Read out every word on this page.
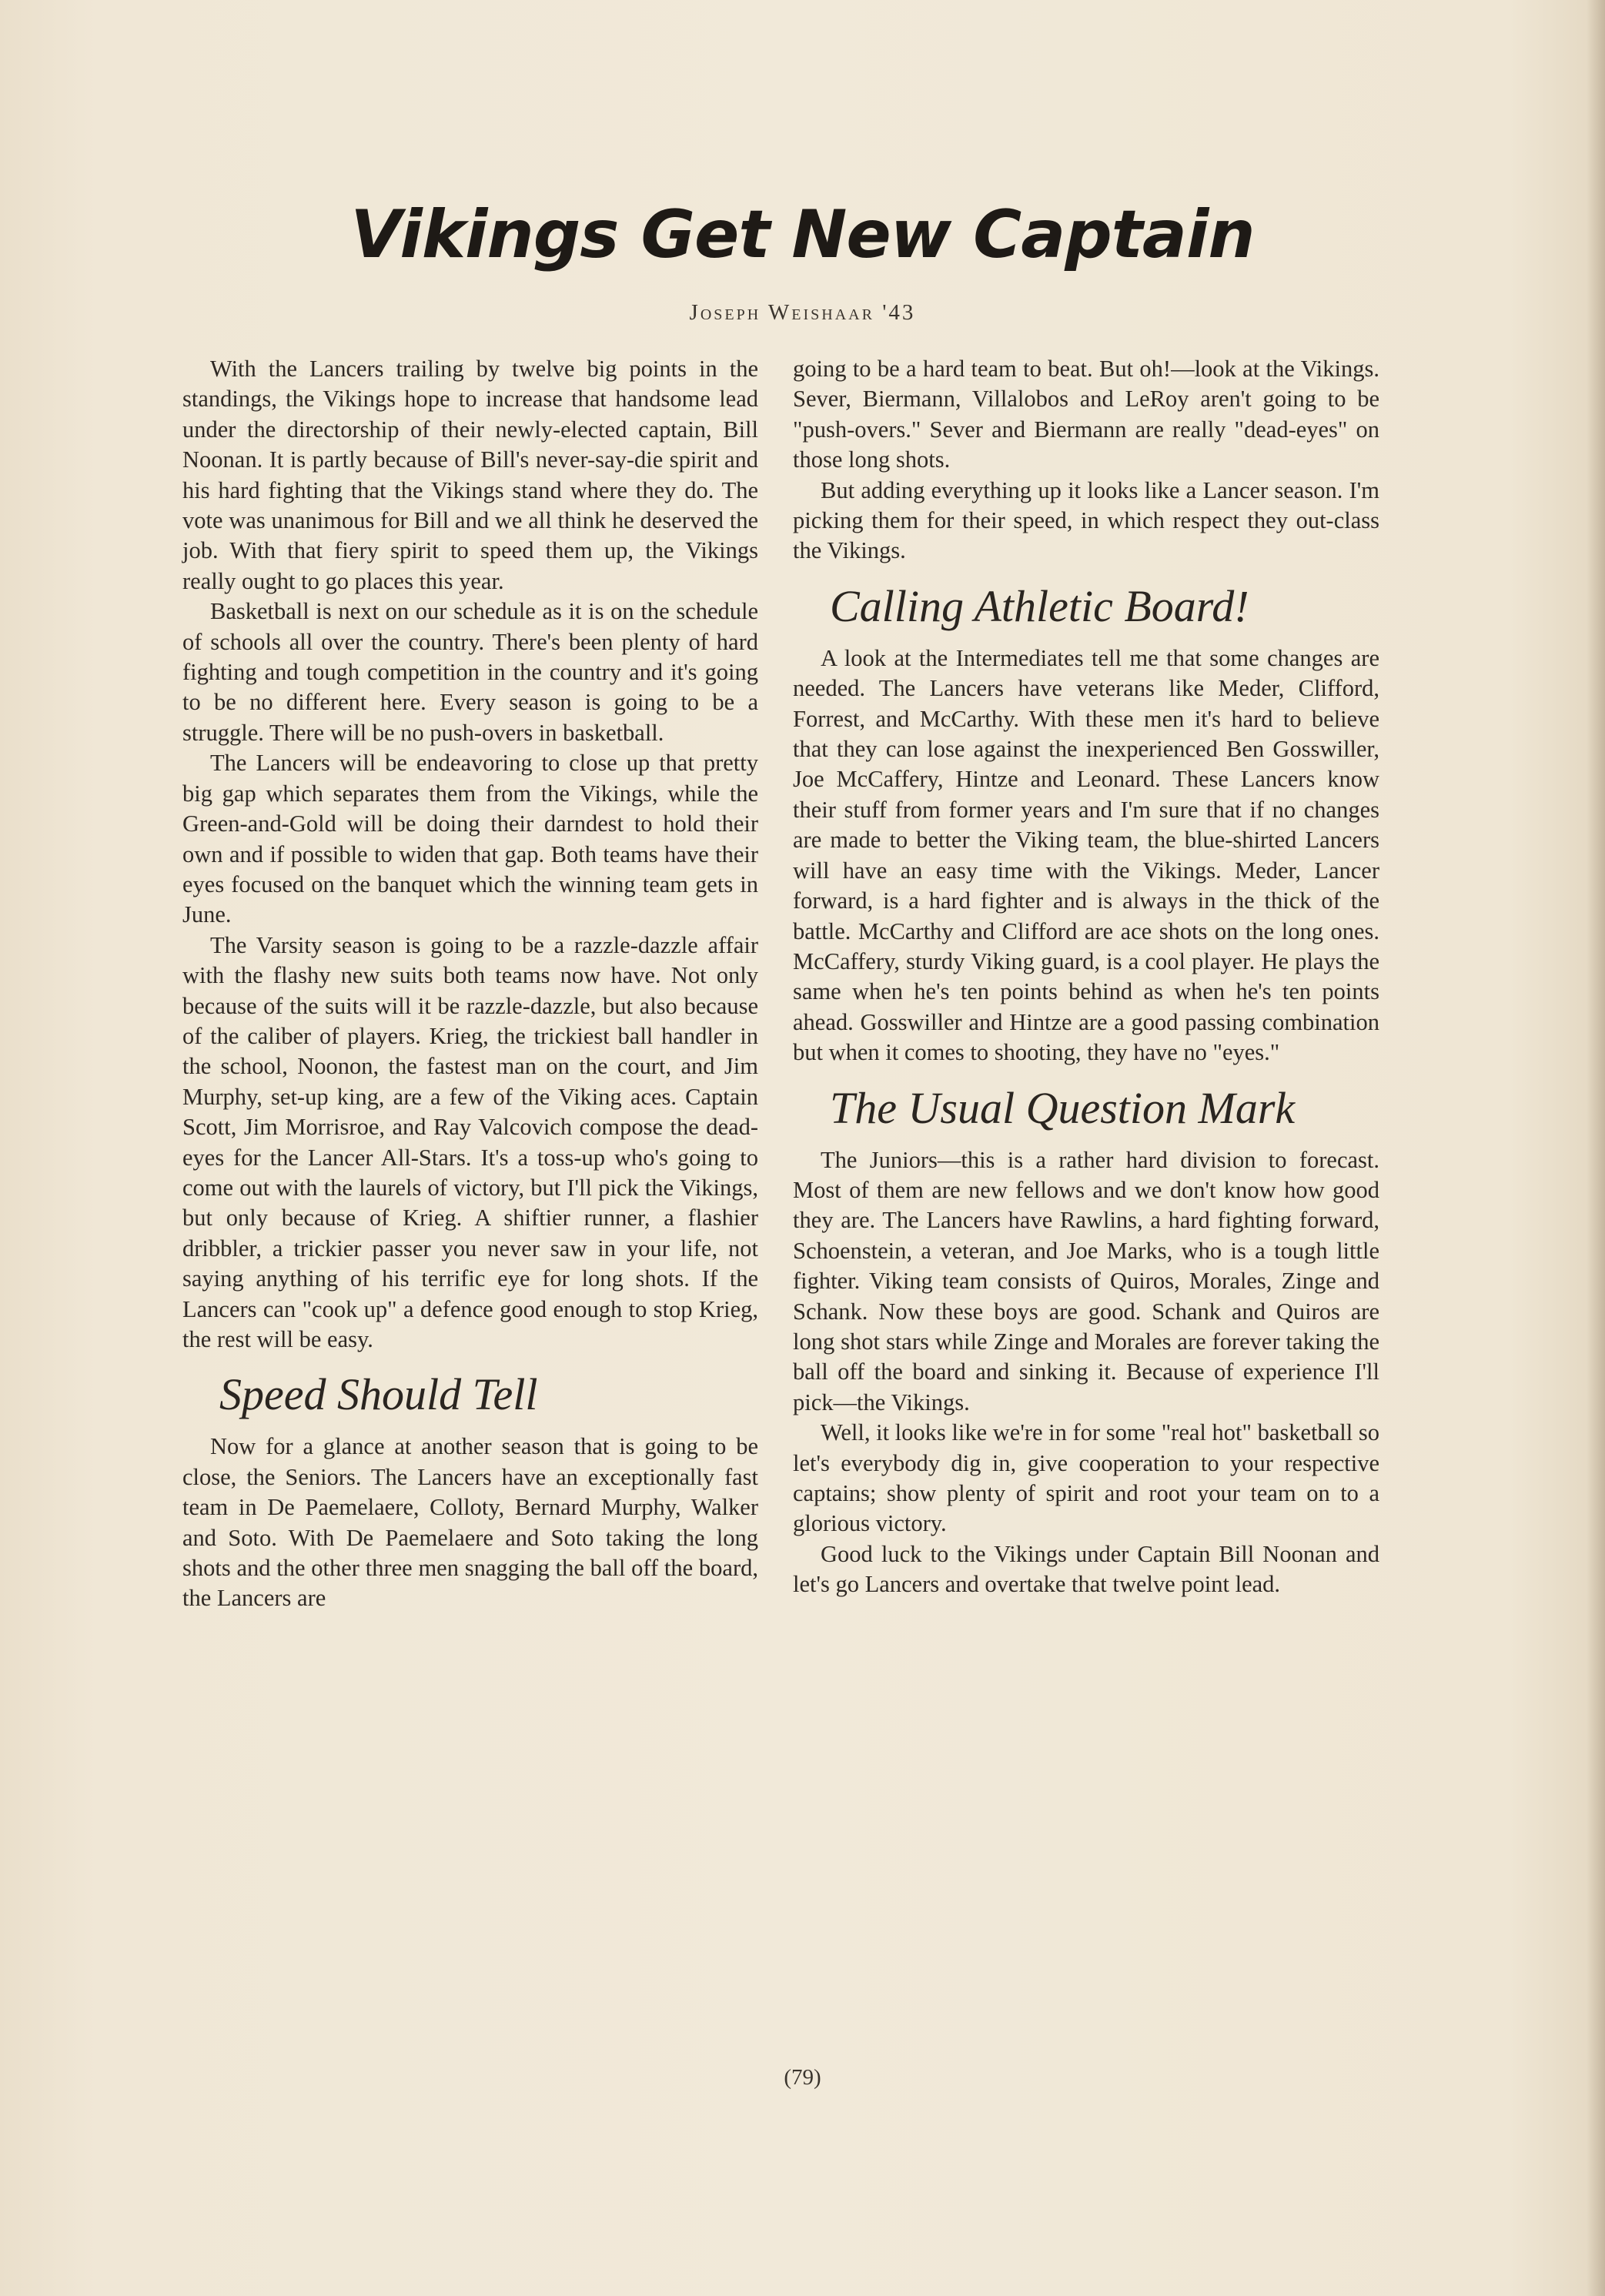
Vikings Get New Captain

Joseph Weishaar '43

With the Lancers trailing by twelve big points in the standings, the Vikings hope to increase that handsome lead under the directorship of their newly-elected captain, Bill Noonan. It is partly because of Bill's never-say-die spirit and his hard fighting that the Vikings stand where they do. The vote was unanimous for Bill and we all think he deserved the job. With that fiery spirit to speed them up, the Vikings really ought to go places this year.

Basketball is next on our schedule as it is on the schedule of schools all over the country. There's been plenty of hard fighting and tough competition in the country and it's going to be no different here. Every season is going to be a struggle. There will be no push-overs in basketball.

The Lancers will be endeavoring to close up that pretty big gap which separates them from the Vikings, while the Green-and-Gold will be doing their darndest to hold their own and if possible to widen that gap. Both teams have their eyes focused on the banquet which the winning team gets in June.

The Varsity season is going to be a razzle-dazzle affair with the flashy new suits both teams now have. Not only because of the suits will it be razzle-dazzle, but also because of the caliber of players. Krieg, the trickiest ball handler in the school, Noonon, the fastest man on the court, and Jim Murphy, set-up king, are a few of the Viking aces. Captain Scott, Jim Morrisroe, and Ray Valcovich compose the dead-eyes for the Lancer All-Stars. It's a toss-up who's going to come out with the laurels of victory, but I'll pick the Vikings, but only because of Krieg. A shiftier runner, a flashier dribbler, a trickier passer you never saw in your life, not saying anything of his terrific eye for long shots. If the Lancers can "cook up" a defence good enough to stop Krieg, the rest will be easy.

Speed Should Tell

Now for a glance at another season that is going to be close, the Seniors. The Lancers have an exceptionally fast team in De Paemelaere, Colloty, Bernard Murphy, Walker and Soto. With De Paemelaere and Soto taking the long shots and the other three men snagging the ball off the board, the Lancers are

going to be a hard team to beat. But oh!—look at the Vikings. Sever, Biermann, Villalobos and LeRoy aren't going to be "push-overs." Sever and Biermann are really "dead-eyes" on those long shots.

But adding everything up it looks like a Lancer season. I'm picking them for their speed, in which respect they out-class the Vikings.

Calling Athletic Board!

A look at the Intermediates tell me that some changes are needed. The Lancers have veterans like Meder, Clifford, Forrest, and McCarthy. With these men it's hard to believe that they can lose against the inexperienced Ben Gosswiller, Joe McCaffery, Hintze and Leonard. These Lancers know their stuff from former years and I'm sure that if no changes are made to better the Viking team, the blue-shirted Lancers will have an easy time with the Vikings. Meder, Lancer forward, is a hard fighter and is always in the thick of the battle. McCarthy and Clifford are ace shots on the long ones. McCaffery, sturdy Viking guard, is a cool player. He plays the same when he's ten points behind as when he's ten points ahead. Gosswiller and Hintze are a good passing combination but when it comes to shooting, they have no "eyes."

The Usual Question Mark

The Juniors—this is a rather hard division to forecast. Most of them are new fellows and we don't know how good they are. The Lancers have Rawlins, a hard fighting forward, Schoenstein, a veteran, and Joe Marks, who is a tough little fighter. Viking team consists of Quiros, Morales, Zinge and Schank. Now these boys are good. Schank and Quiros are long shot stars while Zinge and Morales are forever taking the ball off the board and sinking it. Because of experience I'll pick—the Vikings.

Well, it looks like we're in for some "real hot" basketball so let's everybody dig in, give cooperation to your respective captains; show plenty of spirit and root your team on to a glorious victory.

Good luck to the Vikings under Captain Bill Noonan and let's go Lancers and overtake that twelve point lead.

(79)
